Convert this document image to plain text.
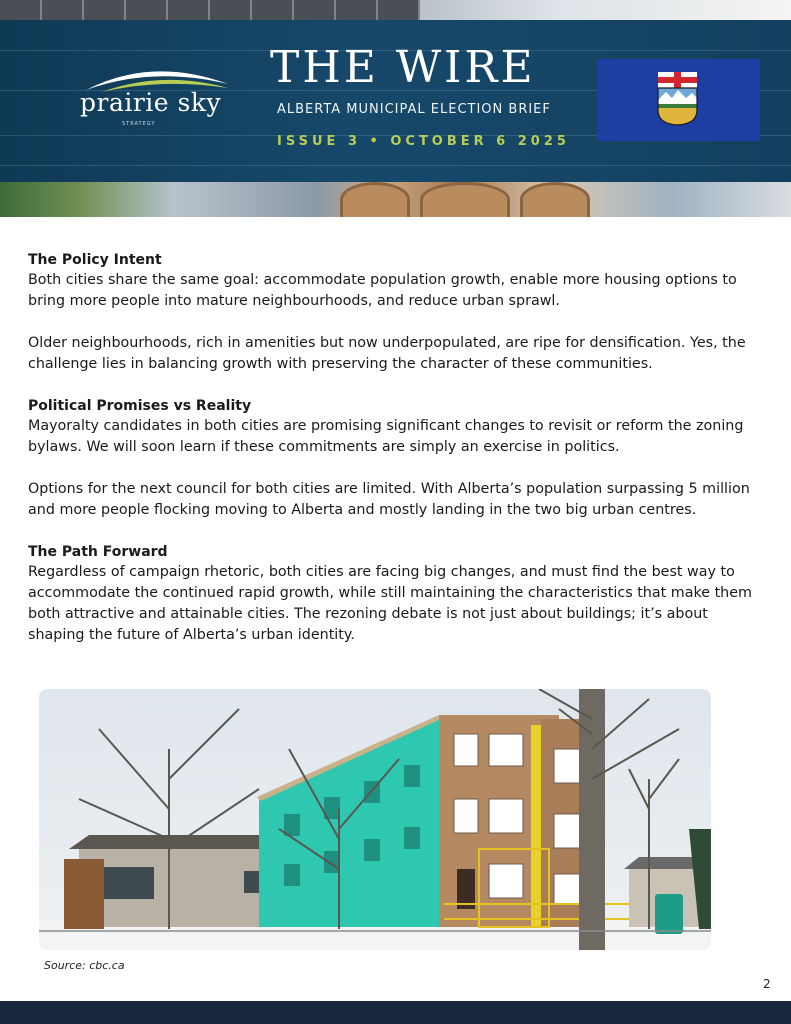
prairie sky
STRATEGY
THE WIRE
ALBERTA MUNICIPAL ELECTION BRIEF
ISSUE 3 • OCTOBER 6 2025
The Policy Intent
Both cities share the same goal: accommodate population growth, enable more housing options to bring more people into mature neighbourhoods, and reduce urban sprawl.
Older neighbourhoods, rich in amenities but now underpopulated, are ripe for densification. Yes, the challenge lies in balancing growth with preserving the character of these communities.
Political Promises vs Reality
Mayoralty candidates in both cities are promising significant changes to revisit or reform the zoning bylaws. We will soon learn if these commitments are simply an exercise in politics.
Options for the next council for both cities are limited. With Alberta’s population surpassing 5 million and more people flocking moving to Alberta and mostly landing in the two big urban centres.
The Path Forward
Regardless of campaign rhetoric, both cities are facing big changes, and must find the best way to accommodate the continued rapid growth, while still maintaining the characteristics that make them both attractive and attainable cities. The rezoning debate is not just about buildings; it’s about shaping the future of Alberta’s urban identity.
Source: cbc.ca
2
